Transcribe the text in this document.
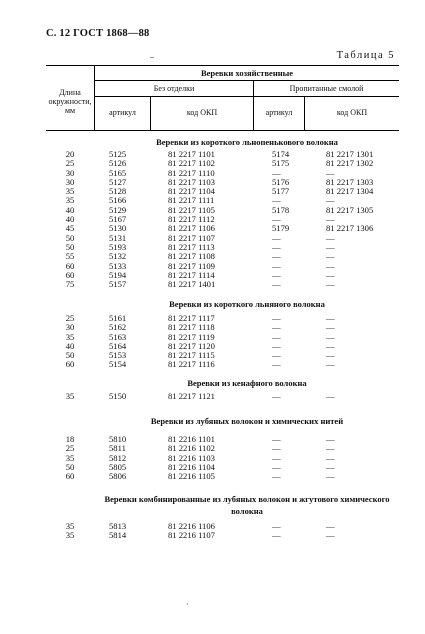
С. 12 ГОСТ 1868—88
–	Таблица 5
Веревки хозяйственные
Длина окружности, мм
Без отделки	Пропитанные смолой
артикул	код ОКП	артикул	код ОКП
Веревки из короткого льнопенькового волокна
20	5125	81 2217 1101	5174	81 2217 1301
25	5126	81 2217 1102	5175	81 2217 1302
30	5165	81 2217 1110	—	—
30	5127	81 2217 1103	5176	81 2217 1303
35	5128	81 2217 1104	5177	81 2217 1304
35	5166	81 2217 1111	—	—
40	5129	81 2217 1105	5178	81 2217 1305
40	5167	81 2217 1112	—	—
45	5130	81 2217 1106	5179	81 2217 1306
50	5131	81 2217 1107	—	—
50	5193	81 2217 1113	—	—
55	5132	81 2217 1108	—	—
60	5133	81 2217 1109	—	—
60	5194	81 2217 1114	—	—
75	5157	81 2217 1401	—	—
Веревки из короткого льняного волокна
25	5161	81 2217 1117	—	—
30	5162	81 2217 1118	—	—
35	5163	81 2217 1119	—	—
40	5164	81 2217 1120	—	—
50	5153	81 2217 1115	—	—
60	5154	81 2217 1116	—	—
Веревки из кенафного волокна
35	5150	81 2217 1121	—	—
Веревки из лубяных волокон и химических нитей
18	5810	81 2216 1101	—	—
25	5811	81 2216 1102	—	—
35	5812	81 2216 1103	—	—
50	5805	81 2216 1104	—	—
60	5806	81 2216 1105	—	—
Веревки комбинированные из лубяных волокон и жгутового химического волокна
35	5813	81 2216 1106	—	—
35	5814	81 2216 1107	—	—
·
